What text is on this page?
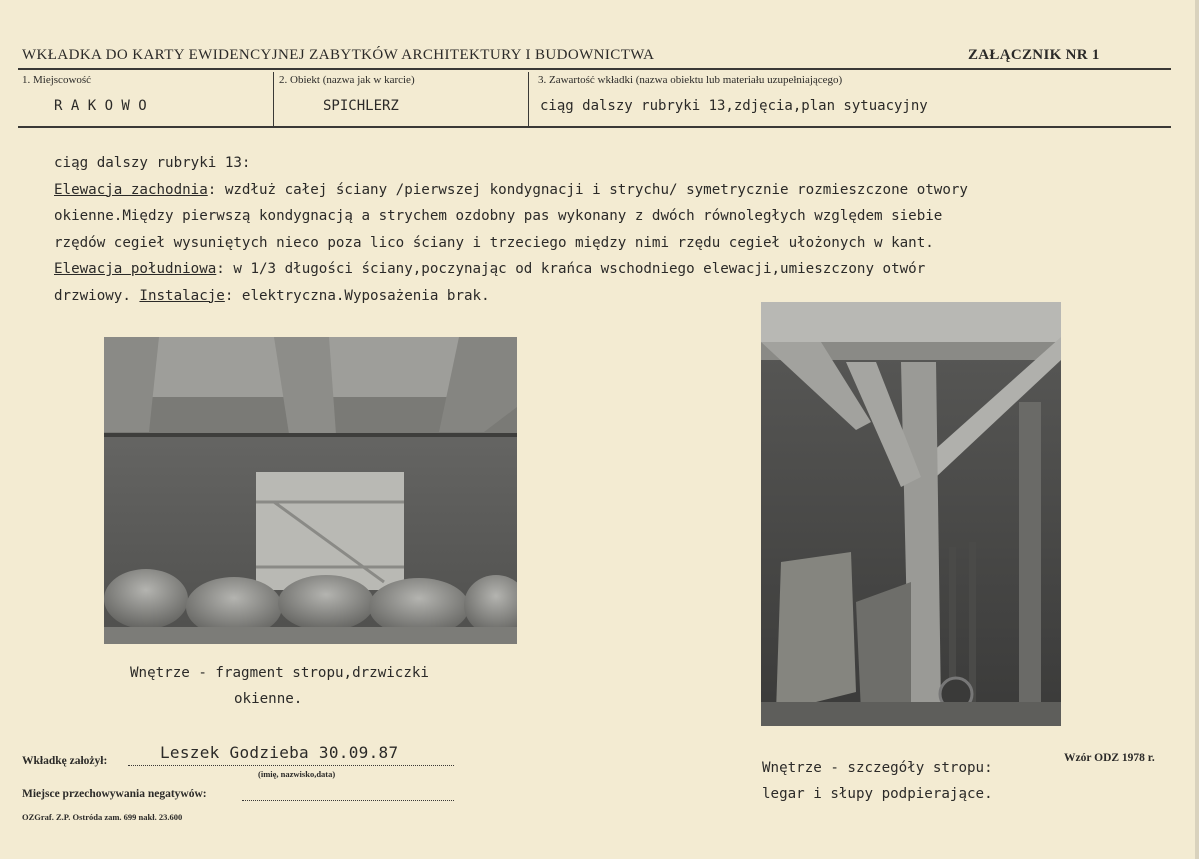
WKŁADKA DO KARTY EWIDENCYJNEJ ZABYTKÓW ARCHITEKTURY I BUDOWNICTWA	ZAŁĄCZNIK NR 1
1. Miejscowość
R A K O W O
2. Obiekt (nazwa jak w karcie)
SPICHLERZ
3. Zawartość wkładki (nazwa obiektu lub materiału uzupełniającego)
ciąg dalszy rubryki 13,zdjęcia,plan sytuacyjny
ciąg dalszy rubryki 13:
Elewacja zachodnia: wzdłuż całej ściany /pierwszej kondygnacji i strychu/ symetrycznie rozmieszczone otwory
okienne.Między pierwszą kondygnacją a strychem ozdobny pas wykonany z dwóch równoległych względem siebie
rzędów cegieł wysuniętych nieco poza lico ściany i trzeciego między nimi rzędu cegieł ułożonych w kant.
Elewacja południowa: w 1/3 długości ściany,poczynając od krańca wschodniego elewacji,umieszczony otwór
drzwiowy. Instalacje: elektryczna.Wyposażenia brak.
Wnętrze - fragment stropu,drzwiczki
okienne.
Wnętrze - szczegóły stropu:
legar i słupy podpierające.
Wkładkę założył:	Leszek Godzieba 30.09.87
(imię, nazwisko,data)
Miejsce przechowywania negatywów:
OZGraf. Z.P. Ostróda zam. 699 nakł. 23.600
Wzór ODZ 1978 r.
